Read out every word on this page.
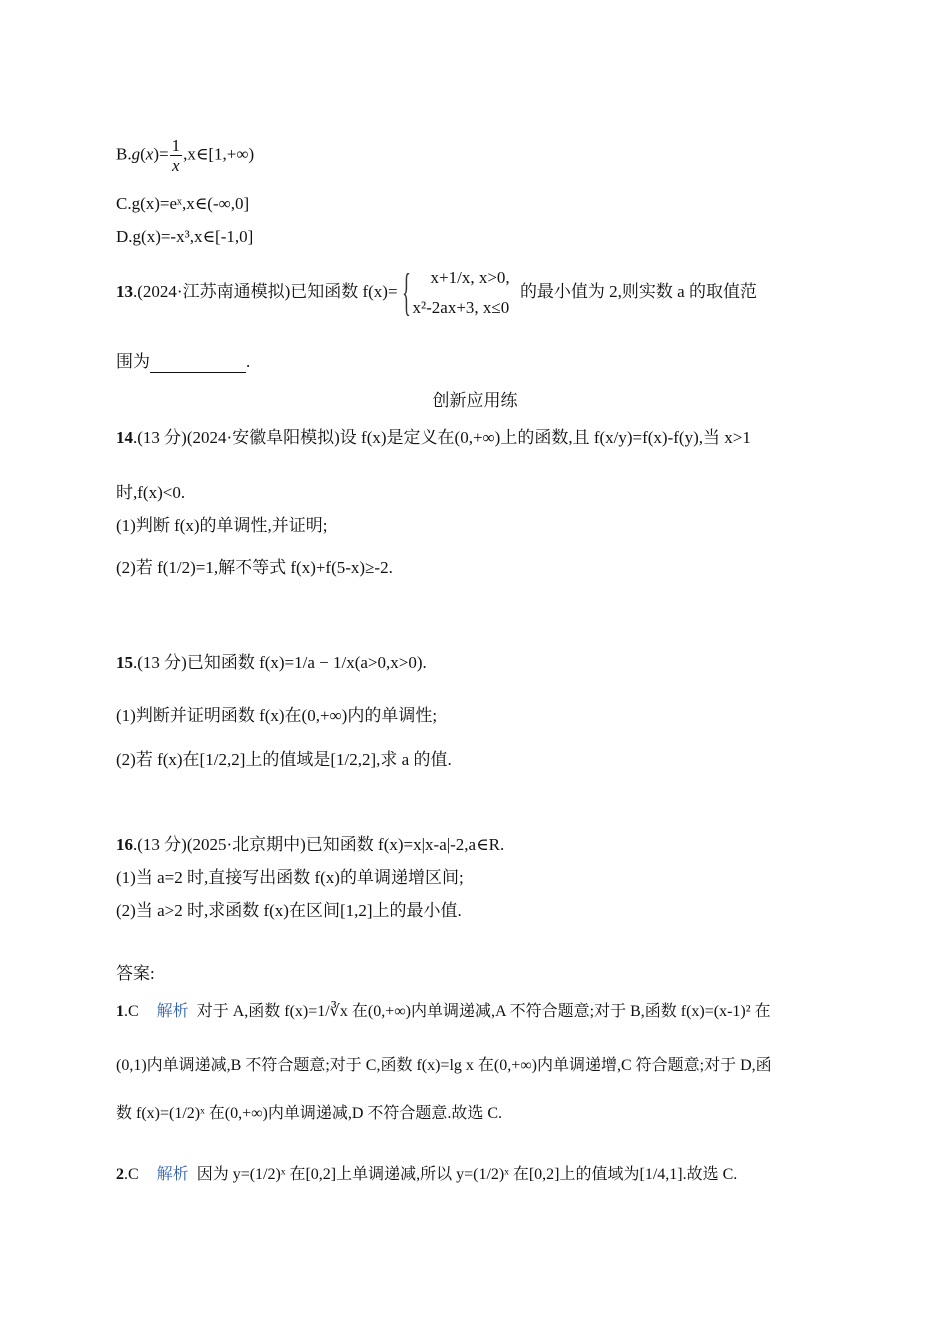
$B.g(x)= \frac{1}{x}$ ,x∈[1,+∞)
C.g(x)=eˣ,x∈(-∞,0]
D.g(x)=-x³,x∈[-1,0]
13.(2024·江苏南通模拟)已知函数 f(x)={	x+1/x, x>0,
x²-2ax+3, x≤0
的最小值为 2,则实数 a 的取值范
围为	.
创新应用练
14.(13 分)(2024·安徽阜阳模拟)设 f(x)是定义在(0,+∞)上的函数,且 f(x/y)=f(x)-f(y),当 x>1
时,f(x)<0.
(1)判断 f(x)的单调性,并证明;
(2)若 f(1/2)=1,解不等式 f(x)+f(5-x)≥-2.
15.(13 分)已知函数 f(x)=1/a − 1/x(a>0,x>0).
(1)判断并证明函数 f(x)在(0,+∞)内的单调性;
(2)若 f(x)在[1/2,2]上的值域是[1/2,2],求 a 的值.
16.(13 分)(2025·北京期中)已知函数 f(x)=x|x-a|-2,a∈R.
(1)当 a=2 时,直接写出函数 f(x)的单调递增区间;
(2)当 a>2 时,求函数 f(x)在区间[1,2]上的最小值.
答案:
1.C 解析 对于 A,函数 f(x)=1/∛x 在(0,+∞)内单调递减,A 不符合题意;对于 B,函数 f(x)=(x-1)² 在
(0,1)内单调递减,B 不符合题意;对于 C,函数 f(x)=lg x 在(0,+∞)内单调递增,C 符合题意;对于 D,函
数 f(x)=(1/2)ˣ 在(0,+∞)内单调递减,D 不符合题意.故选 C.
2.C 解析 因为 y=(1/2)ˣ 在[0,2]上单调递减,所以 y=(1/2)ˣ 在[0,2]上的值域为[1/4,1].故选 C.
